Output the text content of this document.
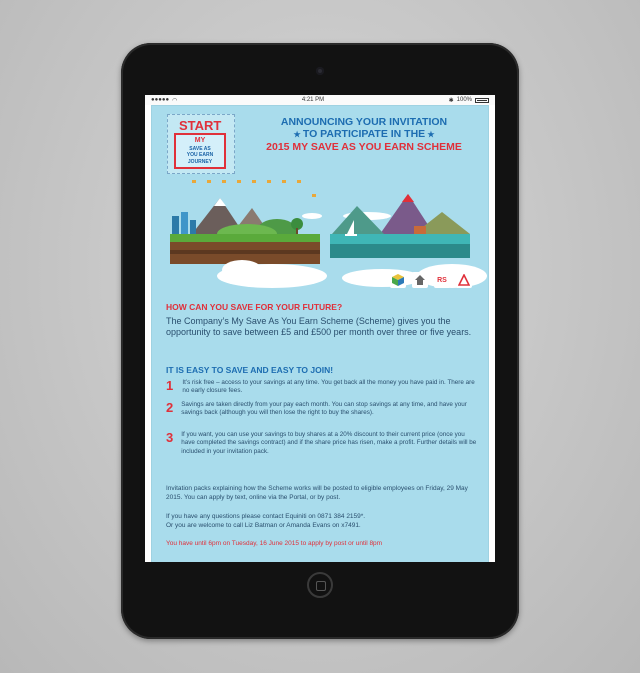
●●●●● ◠	4:21 PM	✱ 100%
START
MY
SAVE AS
YOU EARN
JOURNEY
ANNOUNCING YOUR INVITATION
★ TO PARTICIPATE IN THE ★
2015 MY SAVE AS YOU EARN SCHEME
RS
HOW CAN YOU SAVE FOR YOUR FUTURE?
The Company’s My Save As You Earn Scheme (Scheme) gives you the opportunity to save between £5 and £500 per month over three or five years.
IT IS EASY TO SAVE AND EASY TO JOIN!
1 It’s risk free – access to your savings at any time. You get back all the money you have paid in. There are no early closure fees.
2 Savings are taken directly from your pay each month. You can stop savings at any time, and have your savings back (although you will then lose the right to buy the shares).
3 If you want, you can use your savings to buy shares at a 20% discount to their current price (once you have completed the savings contract) and if the share price has risen, make a profit. Further details will be included in your invitation pack.
Invitation packs explaining how the Scheme works will be posted to eligible employees on Friday, 29 May 2015. You can apply by text, online via the Portal, or by post.
If you have any questions please contact Equiniti on 0871 384 2159*.
Or you are welcome to call Liz Batman or Amanda Evans on x7491.
You have until 6pm on Tuesday, 16 June 2015 to apply by post or until 8pm
